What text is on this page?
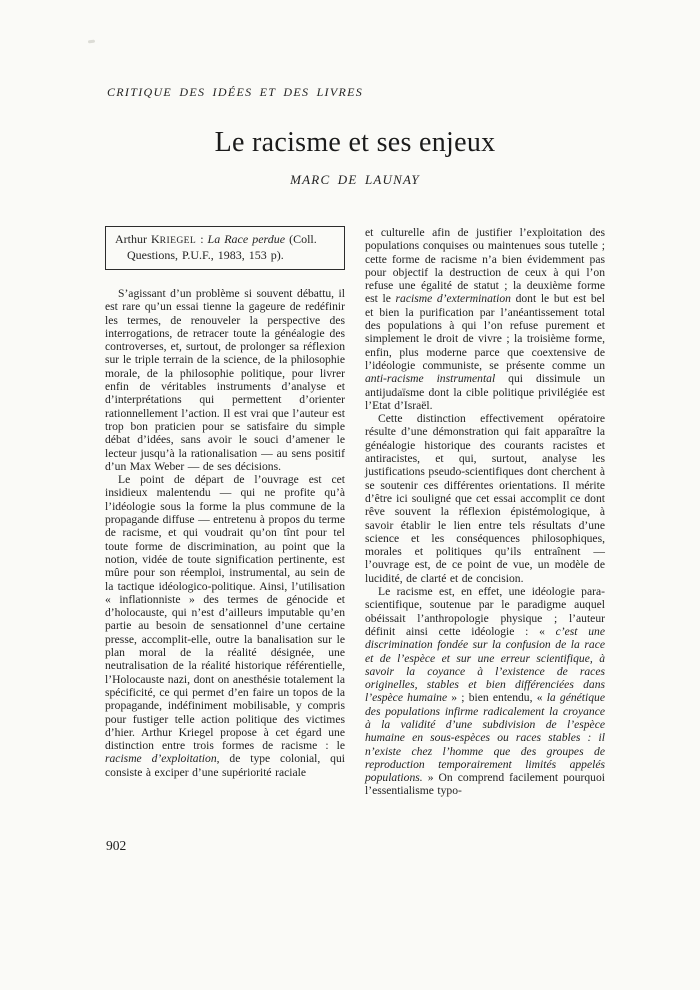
CRITIQUE DES IDÉES ET DES LIVRES
Le racisme et ses enjeux
MARC DE LAUNAY

Arthur KRIEGEL : La Race perdue (Coll. Questions, P.U.F., 1983, 153 p).

S’agissant d’un problème si souvent débattu, il est rare qu’un essai tienne la gageure de redéfinir les termes, de renouveler la perspective des interrogations, de retracer toute la généalogie des controverses, et, surtout, de prolonger sa réflexion sur le triple terrain de la science, de la philosophie morale, de la philosophie politique, pour livrer enfin de véritables instruments d’analyse et d’interprétations qui permettent d’orienter rationnellement l’action. Il est vrai que l’auteur est trop bon praticien pour se satisfaire du simple débat d’idées, sans avoir le souci d’amener le lecteur jusqu’à la rationalisation — au sens positif d’un Max Weber — de ses décisions.

Le point de départ de l’ouvrage est cet insidieux malentendu — qui ne profite qu’à l’idéologie sous la forme la plus commune de la propagande diffuse — entretenu à propos du terme de racisme, et qui voudrait qu’on tînt pour tel toute forme de discrimination, au point que la notion, vidée de toute signification pertinente, est mûre pour son réemploi, instrumental, au sein de la tactique idéologico-politique. Ainsi, l’utilisation « inflationniste » des termes de génocide et d’holocauste, qui n’est d’ailleurs imputable qu’en partie au besoin de sensationnel d’une certaine presse, accomplit-elle, outre la banalisation sur le plan moral de la réalité désignée, une neutralisation de la réalité historique référentielle, l’Holocauste nazi, dont on anesthésie totalement la spécificité, ce qui permet d’en faire un topos de la propagande, indéfiniment mobilisable, y compris pour fustiger telle action politique des victimes d’hier. Arthur Kriegel propose à cet égard une distinction entre trois formes de racisme : le racisme d’exploitation, de type colonial, qui consiste à exciper d’une supériorité raciale

et culturelle afin de justifier l’exploitation des populations conquises ou maintenues sous tutelle ; cette forme de racisme n’a bien évidemment pas pour objectif la destruction de ceux à qui l’on refuse une égalité de statut ; la deuxième forme est le racisme d’extermination dont le but est bel et bien la purification par l’anéantissement total des populations à qui l’on refuse purement et simplement le droit de vivre ; la troisième forme, enfin, plus moderne parce que coextensive de l’idéologie communiste, se présente comme un anti-racisme instrumental qui dissimule un antijudaïsme dont la cible politique privilégiée est l’Etat d’Israël.

Cette distinction effectivement opératoire résulte d’une démonstration qui fait apparaître la généalogie historique des courants racistes et antiracistes, et qui, surtout, analyse les justifications pseudo-scientifiques dont cherchent à se soutenir ces différentes orientations. Il mérite d’être ici souligné que cet essai accomplit ce dont rêve souvent la réflexion épistémologique, à savoir établir le lien entre tels résultats d’une science et les conséquences philosophiques, morales et politiques qu’ils entraînent — l’ouvrage est, de ce point de vue, un modèle de lucidité, de clarté et de concision.

Le racisme est, en effet, une idéologie para-scientifique, soutenue par le paradigme auquel obéissait l’anthropologie physique ; l’auteur définit ainsi cette idéologie : « c’est une discrimination fondée sur la confusion de la race et de l’espèce et sur une erreur scientifique, à savoir la coyance à l’existence de races originelles, stables et bien différenciées dans l’espèce humaine » ; bien entendu, « la génétique des populations infirme radicalement la croyance à la validité d’une subdivision de l’espèce humaine en sous-espèces ou races stables : il n’existe chez l’homme que des groupes de reproduction temporairement limités appelés populations. » On comprend facilement pourquoi l’essentialisme typo-

902
